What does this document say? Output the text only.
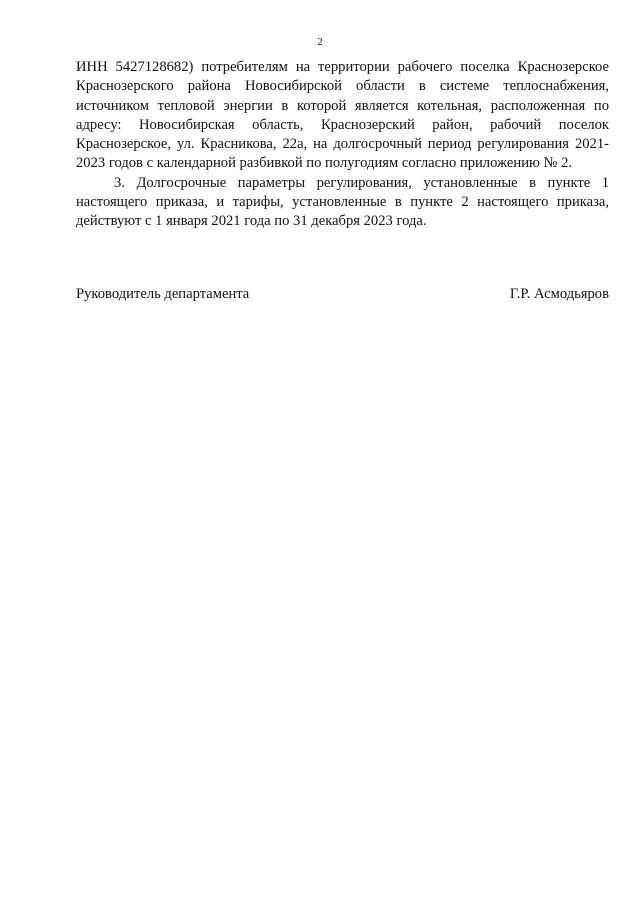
2

ИНН 5427128682) потребителям на территории рабочего поселка Краснозерское Краснозерского района Новосибирской области в системе теплоснабжения, источником тепловой энергии в которой является котельная, расположенная по адресу: Новосибирская область, Краснозерский район, рабочий поселок Краснозерское, ул. Красникова, 22а, на долгосрочный период регулирования 2021-2023 годов с календарной разбивкой по полугодиям согласно приложению № 2.

3. Долгосрочные параметры регулирования, установленные в пункте 1 настоящего приказа, и тарифы, установленные в пункте 2 настоящего приказа, действуют с 1 января 2021 года по 31 декабря 2023 года.

Руководитель департамента	Г.Р. Асмодьяров
